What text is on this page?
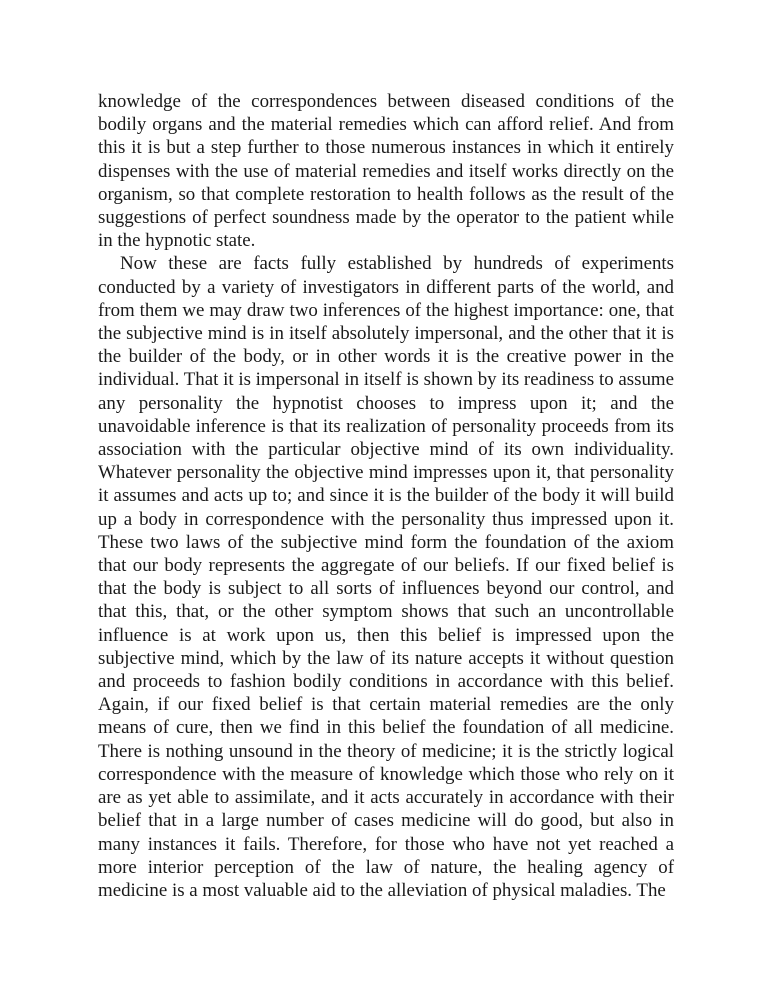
knowledge of the correspondences between diseased conditions of the bodily organs and the material remedies which can afford relief. And from this it is but a step further to those numerous instances in which it entirely dispenses with the use of material remedies and itself works directly on the organism, so that complete restoration to health follows as the result of the suggestions of perfect soundness made by the operator to the patient while in the hypnotic state.

Now these are facts fully established by hundreds of experiments conducted by a variety of investigators in different parts of the world, and from them we may draw two inferences of the highest importance: one, that the subjective mind is in itself absolutely impersonal, and the other that it is the builder of the body, or in other words it is the creative power in the individual. That it is impersonal in itself is shown by its readiness to assume any personality the hypnotist chooses to impress upon it; and the unavoidable inference is that its realization of personality proceeds from its association with the particular objective mind of its own individuality. Whatever personality the objective mind impresses upon it, that personality it assumes and acts up to; and since it is the builder of the body it will build up a body in correspondence with the personality thus impressed upon it. These two laws of the subjective mind form the foundation of the axiom that our body represents the aggregate of our beliefs. If our fixed belief is that the body is subject to all sorts of influences beyond our control, and that this, that, or the other symptom shows that such an uncontrollable influence is at work upon us, then this belief is impressed upon the subjective mind, which by the law of its nature accepts it without question and proceeds to fashion bodily conditions in accordance with this belief. Again, if our fixed belief is that certain material remedies are the only means of cure, then we find in this belief the foundation of all medicine. There is nothing unsound in the theory of medicine; it is the strictly logical correspondence with the measure of knowledge which those who rely on it are as yet able to assimilate, and it acts accurately in accordance with their belief that in a large number of cases medicine will do good, but also in many instances it fails. Therefore, for those who have not yet reached a more interior perception of the law of nature, the healing agency of medicine is a most valuable aid to the alleviation of physical maladies. The
